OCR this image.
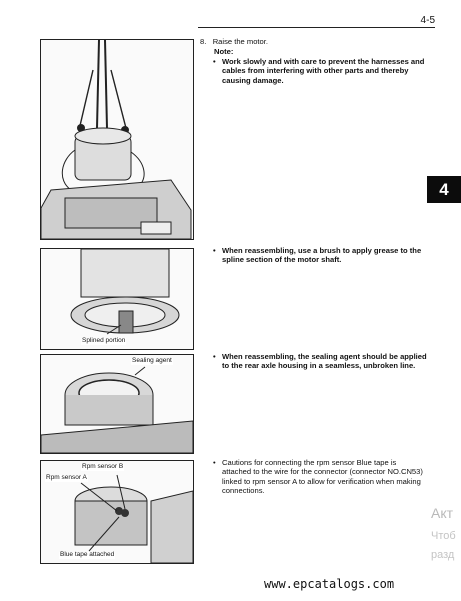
4-5
4
Splined portion
Sealing agent
Rpm sensor B
Rpm sensor A
Blue tape attached
8. Raise the motor.
Note:
• Work slowly and with care to prevent the harnesses and cables from interfering with other parts and thereby causing damage.
• When reassembling, use a brush to apply grease to the spline section of the motor shaft.
• When reassembling, the sealing agent should be applied to the rear axle housing in a seamless, unbroken line.
• Cautions for connecting the rpm sensor Blue tape is attached to the wire for the connector (connector NO.CN53) linked to rpm sensor A to allow for verification when making connections.
www.epcatalogs.com
Акт
Чтоб
разд
